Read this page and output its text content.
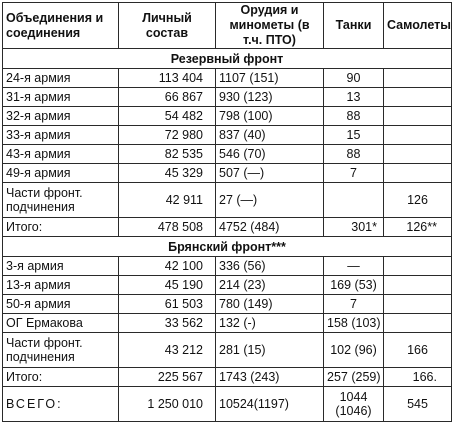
Объединения и соединения	Личный состав	Орудия и минометы (в т.ч. ПТО)	Танки	Самолеты
Резервный фронт				
24-я армия	113 404	1107 (151)	90	
31-я армия	66 867	930 (123)	13	
32-я армия	54 482	798 (100)	88	
33-я армия	72 980	837 (40)	15	
43-я армия	82 535	546 (70)	88	
49-я армия	45 329	507 (—)	7	
Части фронт. подчинения	42 911	27 (—)		126
Итого:	478 508	4752 (484)	301*	126**
Брянский фронт***				
3-я армия	42 100	336 (56)	—	
13-я армия	45 190	214 (23)	169 (53)	
50-я армия	61 503	780 (149)	7	
ОГ Ермакова	33 562	132 (-)	158 (103)	
Части фронт. подчинения	43 212	281 (15)	102 (96)	166
Итого:	225 567	1743 (243)	257 (259)	166.
ВСЕГО:	1 250 010	10524(1197)	1044 (1046)	545
